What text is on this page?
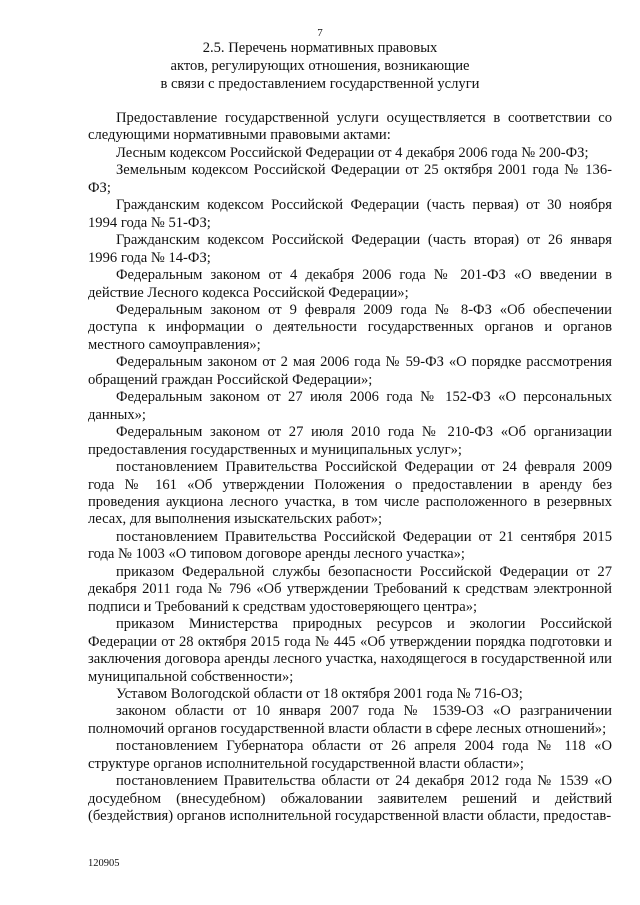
7
2.5. Перечень нормативных правовых
актов, регулирующих отношения, возникающие
в связи с предоставлением государственной услуги

Предоставление государственной услуги осуществляется в соответствии со следующими нормативными правовыми актами:

Лесным кодексом Российской Федерации от 4 декабря 2006 года № 200-ФЗ;

Земельным кодексом Российской Федерации от 25 октября 2001 года № 136-ФЗ;

Гражданским кодексом Российской Федерации (часть первая) от 30 ноября 1994 года № 51-ФЗ;

Гражданским кодексом Российской Федерации (часть вторая) от 26 января 1996 года № 14-ФЗ;

Федеральным законом от 4 декабря 2006 года № 201-ФЗ «О введении в действие Лесного кодекса Российской Федерации»;

Федеральным законом от 9 февраля 2009 года № 8-ФЗ «Об обеспечении доступа к информации о деятельности государственных органов и органов местного самоуправления»;

Федеральным законом от 2 мая 2006 года № 59-ФЗ «О порядке рассмотрения обращений граждан Российской Федерации»;

Федеральным законом от 27 июля 2006 года № 152-ФЗ «О персональных данных»;

Федеральным законом от 27 июля 2010 года № 210-ФЗ «Об организации предоставления государственных и муниципальных услуг»;

постановлением Правительства Российской Федерации от 24 февраля 2009 года № 161 «Об утверждении Положения о предоставлении в аренду без проведения аукциона лесного участка, в том числе расположенного в резервных лесах, для выполнения изыскательских работ»;

постановлением Правительства Российской Федерации от 21 сентября 2015 года № 1003 «О типовом договоре аренды лесного участка»;

приказом Федеральной службы безопасности Российской Федерации от 27 декабря 2011 года № 796 «Об утверждении Требований к средствам электронной подписи и Требований к средствам удостоверяющего центра»;

приказом Министерства природных ресурсов и экологии Российской Федерации от 28 октября 2015 года № 445 «Об утверждении порядка подготовки и заключения договора аренды лесного участка, находящегося в государственной или муниципальной собственности»;

Уставом Вологодской области от 18 октября 2001 года № 716-ОЗ;

законом области от 10 января 2007 года № 1539-ОЗ «О разграничении полномочий органов государственной власти области в сфере лесных отношений»;

постановлением Губернатора области от 26 апреля 2004 года № 118 «О структуре органов исполнительной государственной власти области»;

постановлением Правительства области от 24 декабря 2012 года № 1539 «О досудебном (внесудебном) обжаловании заявителем решений и действий (бездействия) органов исполнительной государственной власти области, предостав-

120905
